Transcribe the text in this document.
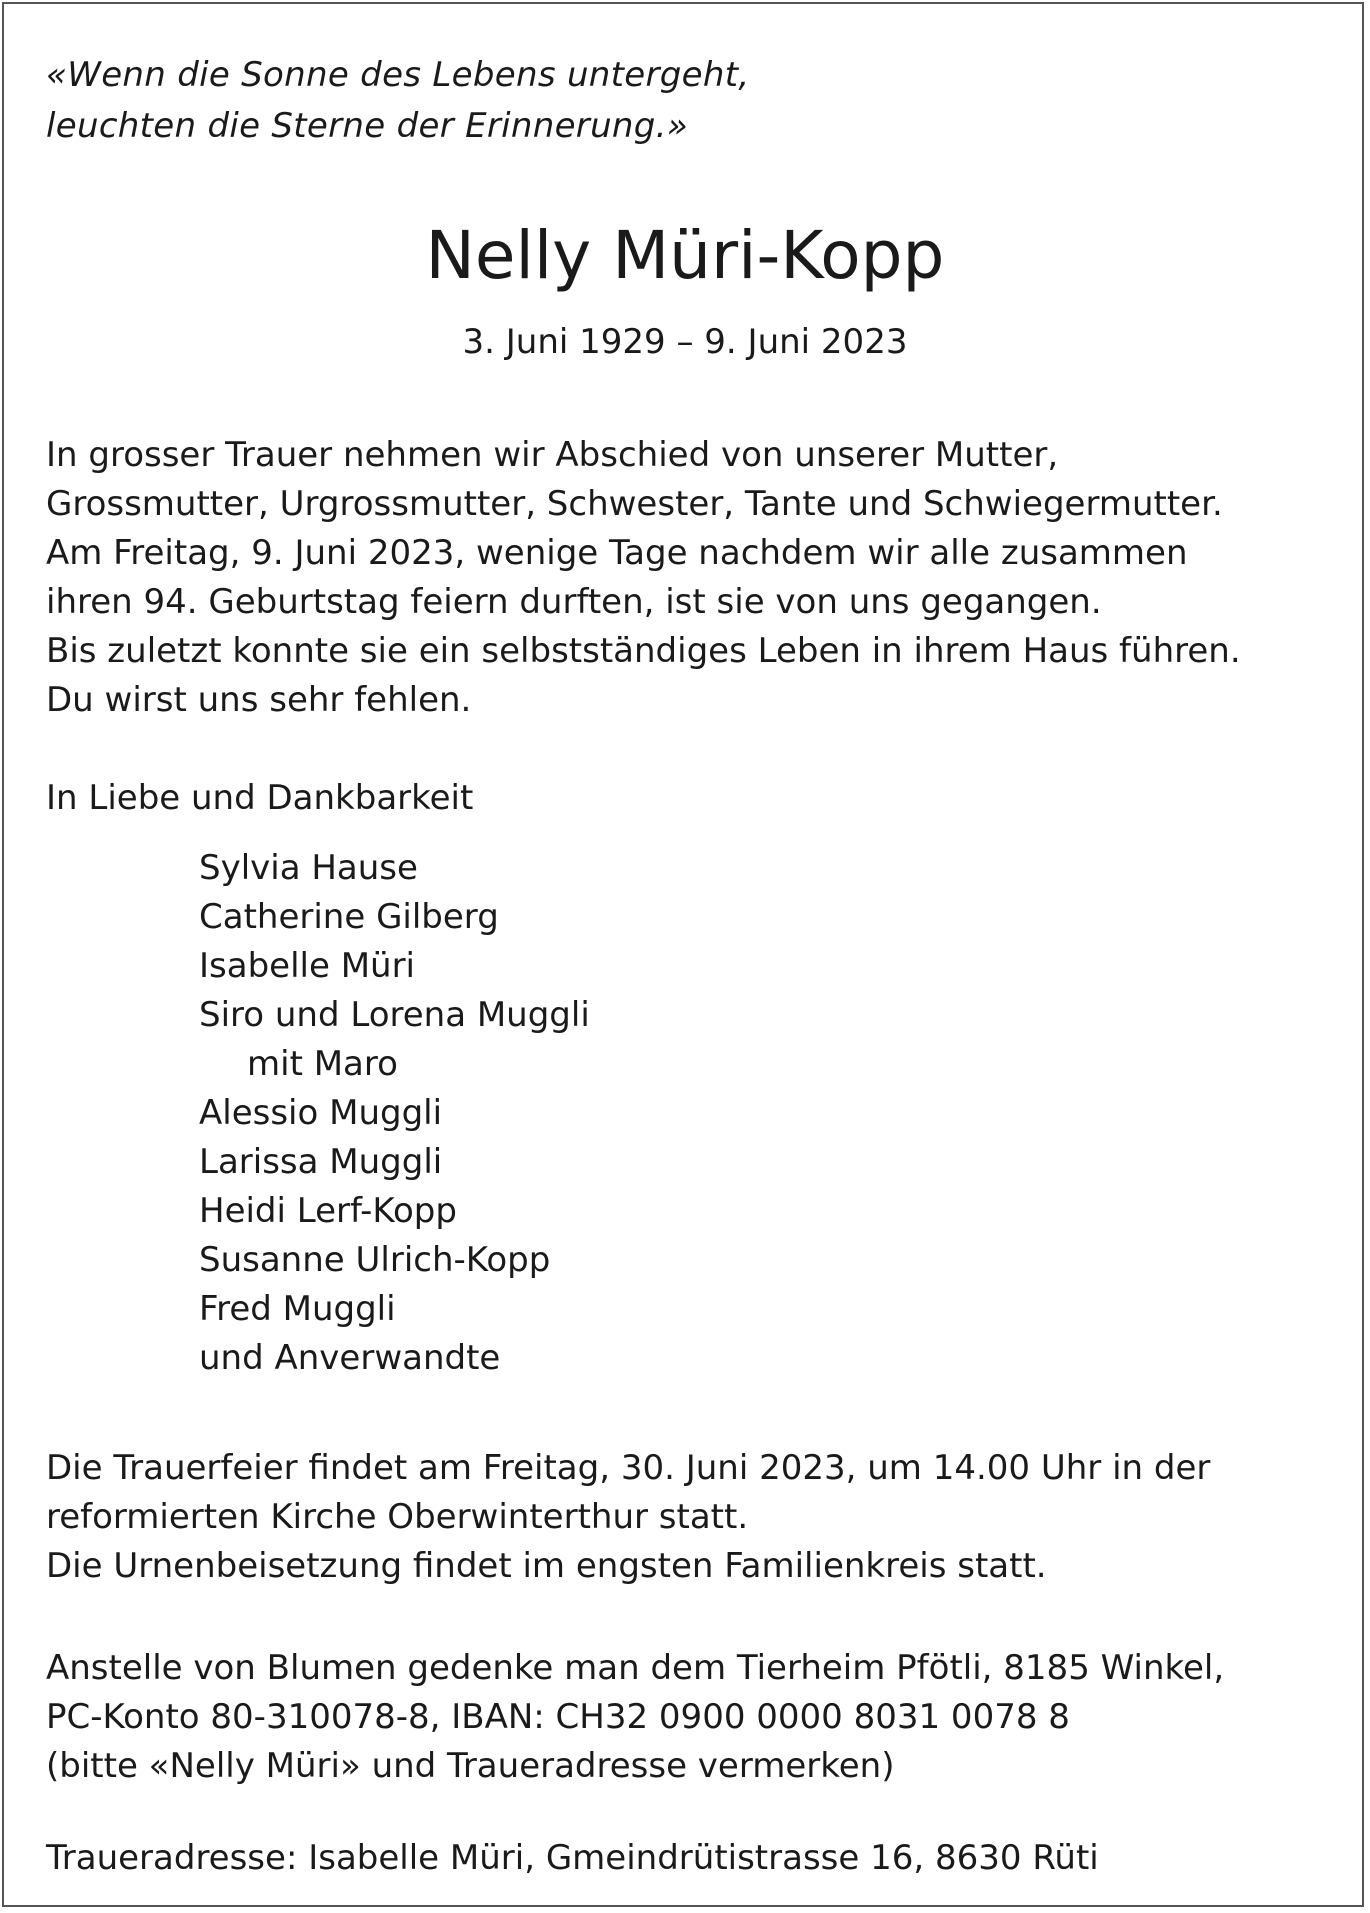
«Wenn die Sonne des Lebens untergeht,
leuchten die Sterne der Erinnerung.»
Nelly Müri-Kopp
3. Juni 1929 – 9. Juni 2023
In grosser Trauer nehmen wir Abschied von unserer Mutter,
Grossmutter, Urgrossmutter, Schwester, Tante und Schwiegermutter.
Am Freitag, 9. Juni 2023, wenige Tage nachdem wir alle zusammen
ihren 94. Geburtstag feiern durften, ist sie von uns gegangen.
Bis zuletzt konnte sie ein selbstständiges Leben in ihrem Haus führen.
Du wirst uns sehr fehlen.
In Liebe und Dankbarkeit
Sylvia Hause
Catherine Gilberg
Isabelle Müri
Siro und Lorena Muggli
mit Maro
Alessio Muggli
Larissa Muggli
Heidi Lerf-Kopp
Susanne Ulrich-Kopp
Fred Muggli
und Anverwandte
Die Trauerfeier findet am Freitag, 30. Juni 2023, um 14.00 Uhr in der
reformierten Kirche Oberwinterthur statt.
Die Urnenbeisetzung findet im engsten Familienkreis statt.
Anstelle von Blumen gedenke man dem Tierheim Pfötli, 8185 Winkel,
PC-Konto 80-310078-8, IBAN: CH32 0900 0000 8031 0078 8
(bitte «Nelly Müri» und Traueradresse vermerken)
Traueradresse: Isabelle Müri, Gmeindrütistrasse 16, 8630 Rüti
